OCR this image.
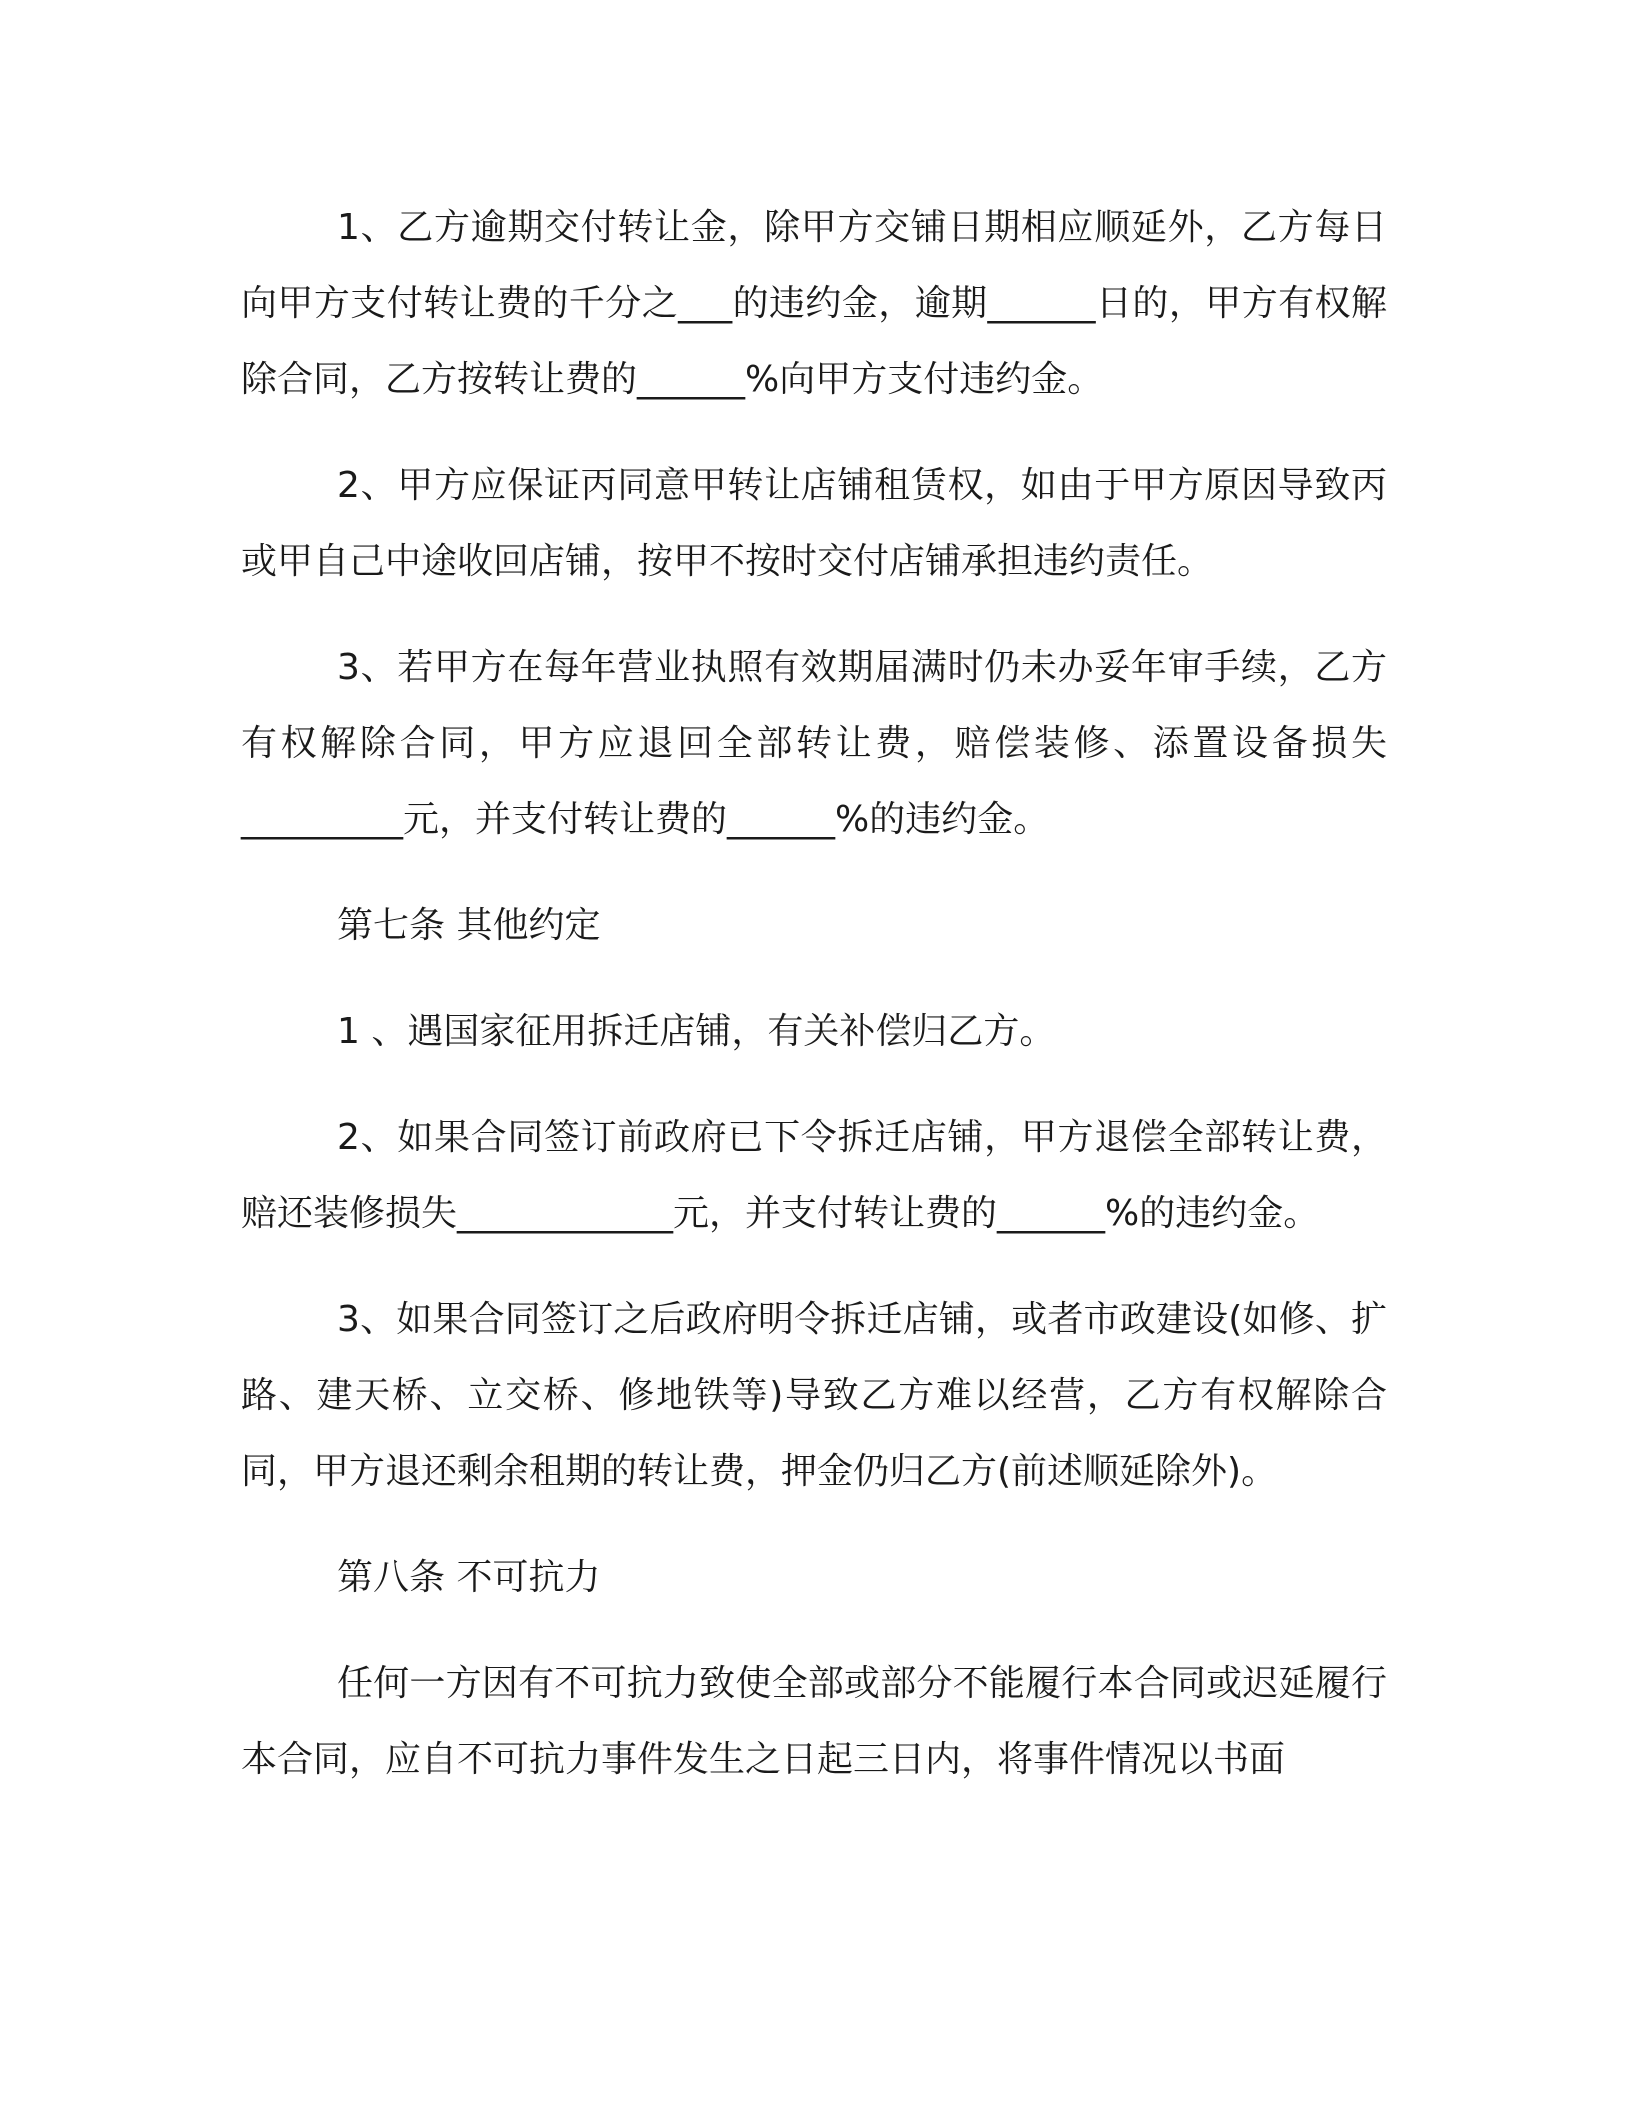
1、乙方逾期交付转让金，除甲方交铺日期相应顺延外，乙方每日向甲方支付转让费的千分之___的违约金，逾期______日的，甲方有权解除合同，乙方按转让费的______%向甲方支付违约金。

2、甲方应保证丙同意甲转让店铺租赁权，如由于甲方原因导致丙或甲自己中途收回店铺，按甲不按时交付店铺承担违约责任。

3、若甲方在每年营业执照有效期届满时仍未办妥年审手续，乙方有权解除合同，甲方应退回全部转让费，赔偿装修、添置设备损失_________元，并支付转让费的______%的违约金。

第七条 其他约定

1 、遇国家征用拆迁店铺，有关补偿归乙方。

2、如果合同签订前政府已下令拆迁店铺，甲方退偿全部转让费，赔还装修损失____________元，并支付转让费的______%的违约金。

3、如果合同签订之后政府明令拆迁店铺，或者市政建设(如修、扩路、建天桥、立交桥、修地铁等)导致乙方难以经营，乙方有权解除合同，甲方退还剩余租期的转让费，押金仍归乙方(前述顺延除外)。

第八条 不可抗力

任何一方因有不可抗力致使全部或部分不能履行本合同或迟延履行本合同，应自不可抗力事件发生之日起三日内，将事件情况以书面
